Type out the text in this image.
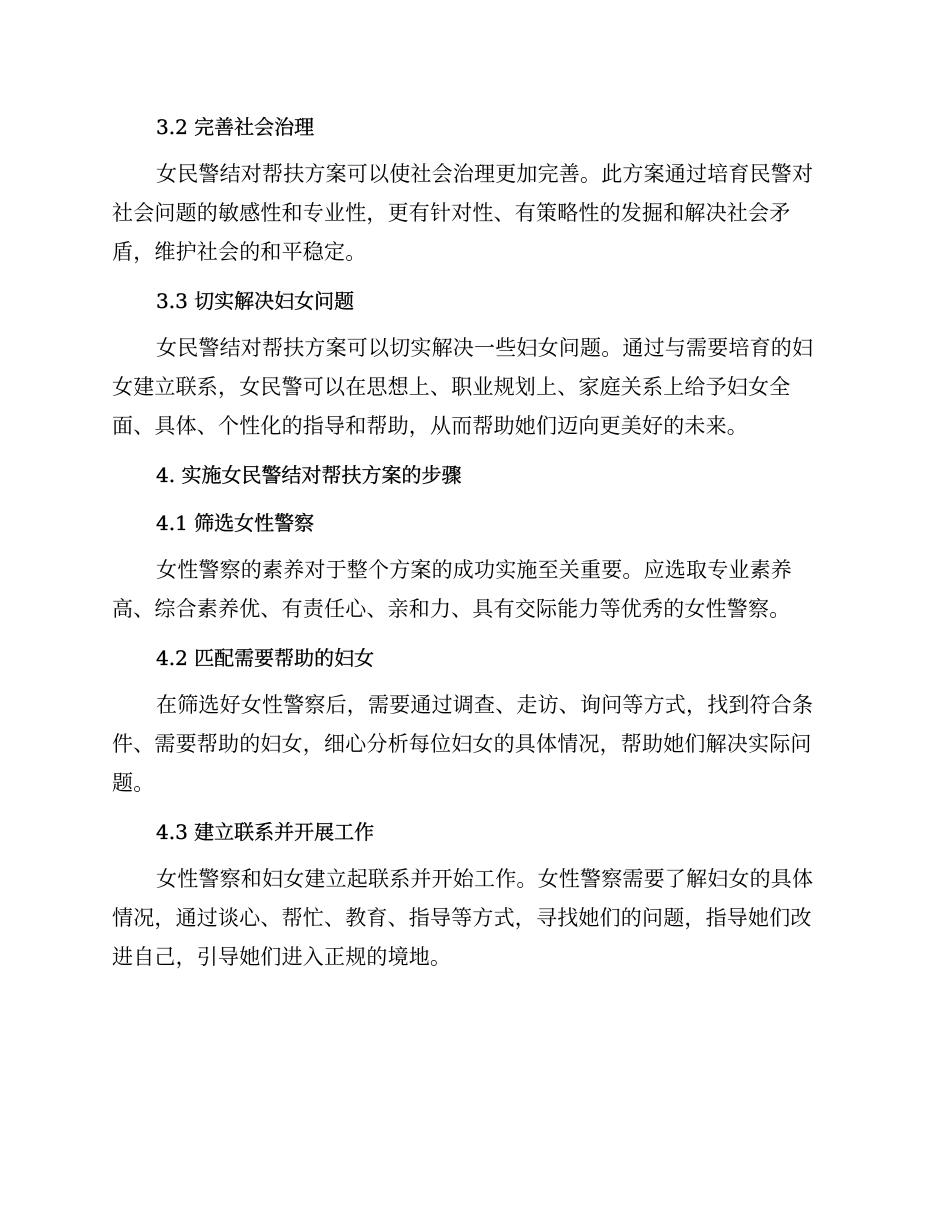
3.2 完善社会治理

女民警结对帮扶方案可以使社会治理更加完善。此方案通过培育民警对社会问题的敏感性和专业性，更有针对性、有策略性的发掘和解决社会矛盾，维护社会的和平稳定。

3.3 切实解决妇女问题

女民警结对帮扶方案可以切实解决一些妇女问题。通过与需要培育的妇女建立联系，女民警可以在思想上、职业规划上、家庭关系上给予妇女全面、具体、个性化的指导和帮助，从而帮助她们迈向更美好的未来。

4. 实施女民警结对帮扶方案的步骤
4.1 筛选女性警察

女性警察的素养对于整个方案的成功实施至关重要。应选取专业素养高、综合素养优、有责任心、亲和力、具有交际能力等优秀的女性警察。

4.2 匹配需要帮助的妇女

在筛选好女性警察后，需要通过调查、走访、询问等方式，找到符合条件、需要帮助的妇女，细心分析每位妇女的具体情况，帮助她们解决实际问题。

4.3 建立联系并开展工作

女性警察和妇女建立起联系并开始工作。女性警察需要了解妇女的具体情况，通过谈心、帮忙、教育、指导等方式，寻找她们的问题，指导她们改进自己，引导她们进入正规的境地。
